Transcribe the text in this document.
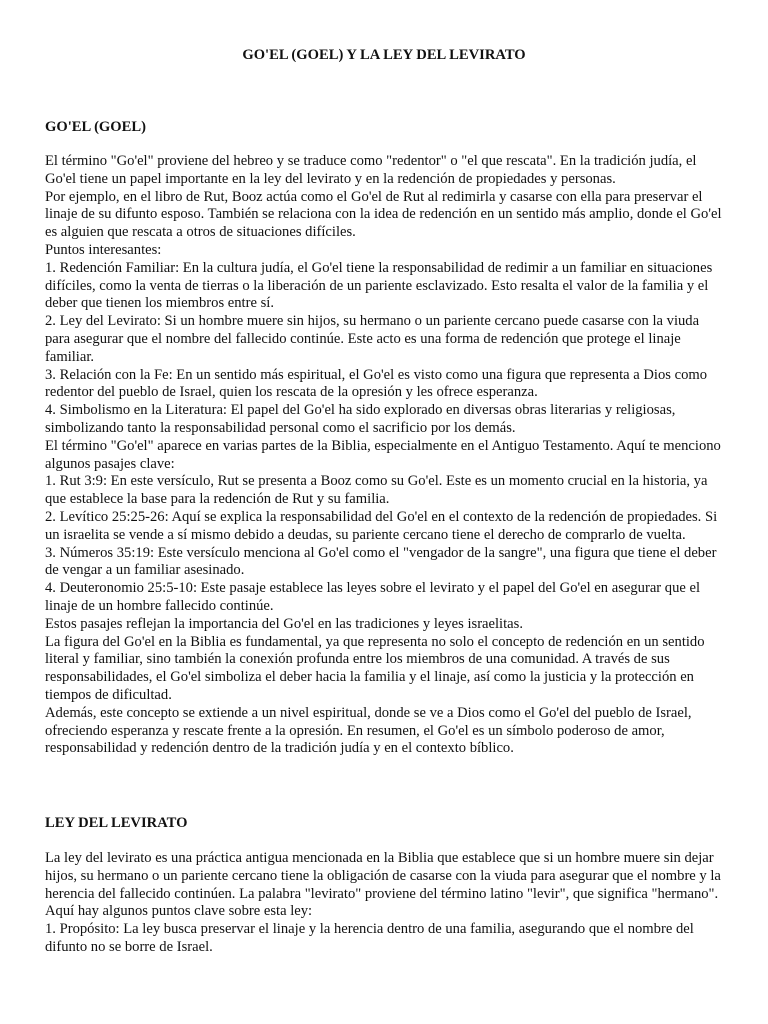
GO'EL (GOEL) Y LA LEY DEL LEVIRATO
GO'EL (GOEL)

El término "Go'el" proviene del hebreo y se traduce como "redentor" o "el que rescata". En la tradición judía, el Go'el tiene un papel importante en la ley del levirato y en la redención de propiedades y personas.

Por ejemplo, en el libro de Rut, Booz actúa como el Go'el de Rut al redimirla y casarse con ella para preservar el linaje de su difunto esposo. También se relaciona con la idea de redención en un sentido más amplio, donde el Go'el es alguien que rescata a otros de situaciones difíciles.

Puntos interesantes:

1. Redención Familiar: En la cultura judía, el Go'el tiene la responsabilidad de redimir a un familiar en situaciones difíciles, como la venta de tierras o la liberación de un pariente esclavizado. Esto resalta el valor de la familia y el deber que tienen los miembros entre sí.

2. Ley del Levirato: Si un hombre muere sin hijos, su hermano o un pariente cercano puede casarse con la viuda para asegurar que el nombre del fallecido continúe. Este acto es una forma de redención que protege el linaje familiar.

3. Relación con la Fe: En un sentido más espiritual, el Go'el es visto como una figura que representa a Dios como redentor del pueblo de Israel, quien los rescata de la opresión y les ofrece esperanza.

4. Simbolismo en la Literatura: El papel del Go'el ha sido explorado en diversas obras literarias y religiosas, simbolizando tanto la responsabilidad personal como el sacrificio por los demás.

El término "Go'el" aparece en varias partes de la Biblia, especialmente en el Antiguo Testamento. Aquí te menciono algunos pasajes clave:

1. Rut 3:9: En este versículo, Rut se presenta a Booz como su Go'el. Este es un momento crucial en la historia, ya que establece la base para la redención de Rut y su familia.

2. Levítico 25:25-26: Aquí se explica la responsabilidad del Go'el en el contexto de la redención de propiedades. Si un israelita se vende a sí mismo debido a deudas, su pariente cercano tiene el derecho de comprarlo de vuelta.

3. Números 35:19: Este versículo menciona al Go'el como el "vengador de la sangre", una figura que tiene el deber de vengar a un familiar asesinado.

4. Deuteronomio 25:5-10: Este pasaje establece las leyes sobre el levirato y el papel del Go'el en asegurar que el linaje de un hombre fallecido continúe.

Estos pasajes reflejan la importancia del Go'el en las tradiciones y leyes israelitas.

La figura del Go'el en la Biblia es fundamental, ya que representa no solo el concepto de redención en un sentido literal y familiar, sino también la conexión profunda entre los miembros de una comunidad. A través de sus responsabilidades, el Go'el simboliza el deber hacia la familia y el linaje, así como la justicia y la protección en tiempos de dificultad.

Además, este concepto se extiende a un nivel espiritual, donde se ve a Dios como el Go'el del pueblo de Israel, ofreciendo esperanza y rescate frente a la opresión. En resumen, el Go'el es un símbolo poderoso de amor, responsabilidad y redención dentro de la tradición judía y en el contexto bíblico.

LEY DEL LEVIRATO

La ley del levirato es una práctica antigua mencionada en la Biblia que establece que si un hombre muere sin dejar hijos, su hermano o un pariente cercano tiene la obligación de casarse con la viuda para asegurar que el nombre y la herencia del fallecido continúen. La palabra "levirato" proviene del término latino "levir", que significa "hermano".

Aquí hay algunos puntos clave sobre esta ley:

1. Propósito: La ley busca preservar el linaje y la herencia dentro de una familia, asegurando que el nombre del difunto no se borre de Israel.
